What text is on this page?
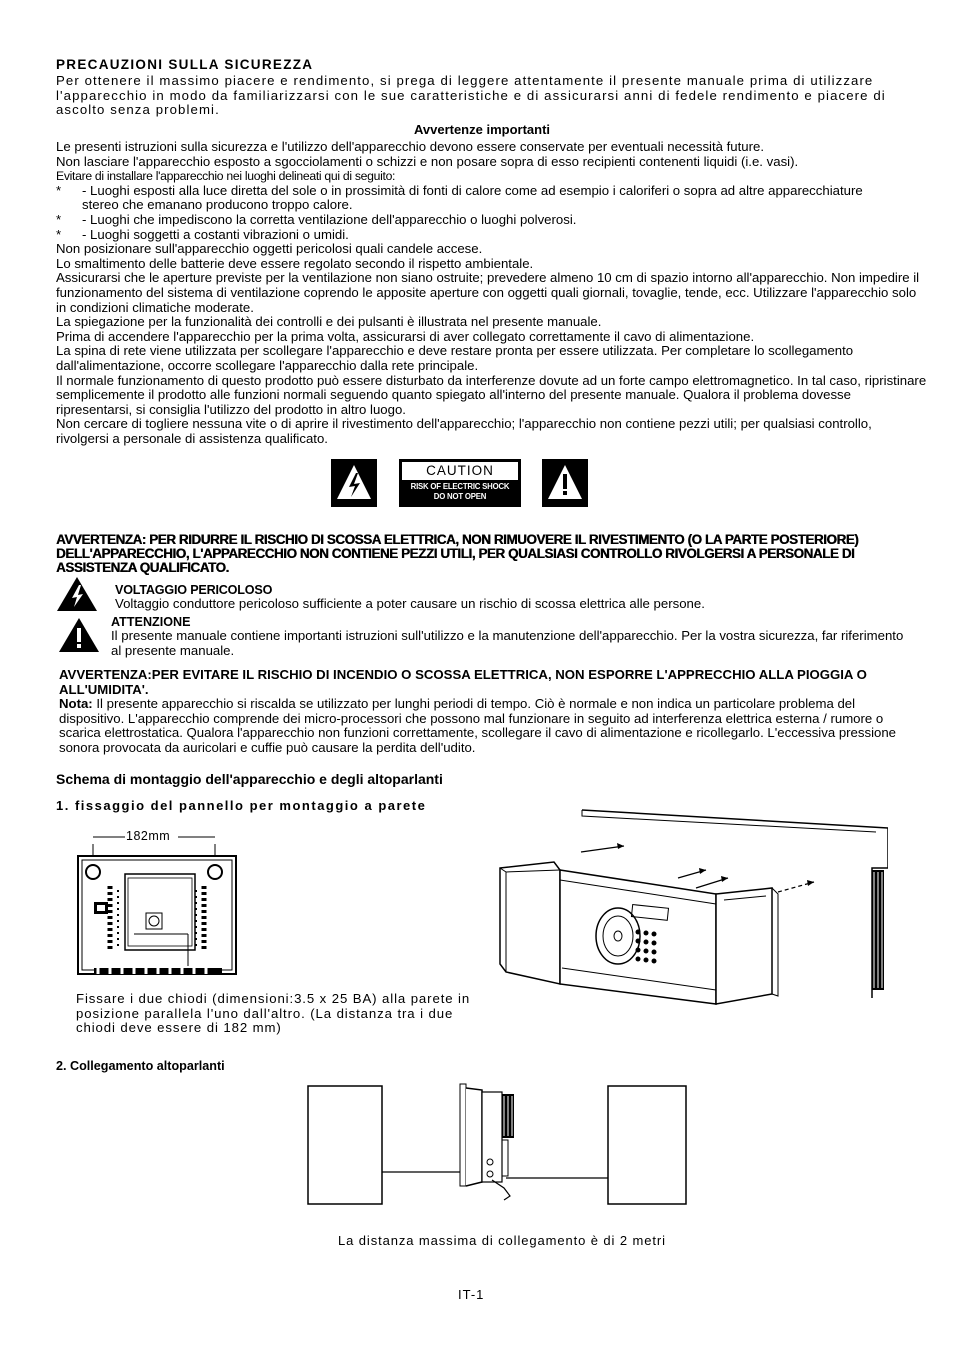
PRECAUZIONI SULLA SICUREZZA

Per ottenere il massimo piacere e rendimento, si prega di leggere attentamente il presente manuale prima di utilizzare l'apparecchio in modo da familiarizzarsi con le sue caratteristiche e di assicurarsi anni di fedele rendimento e piacere di ascolto senza problemi.

Avvertenze importanti

Le presenti istruzioni sulla sicurezza e l'utilizzo dell'apparecchio devono essere conservate per eventuali necessità future.

Non lasciare l'apparecchio esposto a sgocciolamenti o schizzi e non posare sopra di esso recipienti contenenti liquidi (i.e. vasi).

Evitare di installare l'apparecchio nei luoghi delineati qui di seguito:

*	- Luoghi esposti alla luce diretta del sole o in prossimità di fonti di calore come ad esempio i caloriferi o sopra ad altre apparecchiature stereo che emanano producono troppo calore.
*	- Luoghi che impediscono la corretta ventilazione dell'apparecchio o luoghi polverosi.
*	- Luoghi soggetti a costanti vibrazioni o umidi.

Non posizionare sull'apparecchio oggetti pericolosi quali candele accese.

Lo smaltimento delle batterie deve essere regolato secondo il rispetto ambientale.

Assicurarsi che le aperture previste per la ventilazione non siano ostruite; prevedere almeno 10 cm di spazio intorno all'apparecchio. Non impedire il funzionamento del sistema di ventilazione coprendo le apposite aperture con oggetti quali giornali, tovaglie, tende, ecc. Utilizzare l'apparecchio solo in condizioni climatiche moderate.

La spiegazione per la funzionalità dei controlli e dei pulsanti è illustrata nel presente manuale.

Prima di accendere l'apparecchio per la prima volta, assicurarsi di aver collegato correttamente il cavo di alimentazione.

La spina di rete viene utilizzata per scollegare l'apparecchio e deve restare pronta per essere utilizzata. Per completare lo scollegamento dall'alimentazione, occorre scollegare l'apparecchio dalla rete principale.

Il normale funzionamento di questo prodotto può essere disturbato da interferenze dovute ad un forte campo elettromagnetico. In tal caso, ripristinare semplicemente il prodotto alle funzioni normali seguendo quanto spiegato all'interno del presente manuale. Qualora il problema dovesse ripresentarsi, si consiglia l'utilizzo del prodotto in altro luogo.

Non cercare di togliere nessuna vite o di aprire il rivestimento dell'apparecchio; l'apparecchio non contiene pezzi utili; per qualsiasi controllo, rivolgersi a personale di assistenza qualificato.

CAUTION
RISK OF ELECTRIC SHOCK
DO NOT OPEN

AVVERTENZA: PER RIDURRE IL RISCHIO DI SCOSSA ELETTRICA, NON RIMUOVERE IL RIVESTIMENTO (O LA PARTE POSTERIORE) DELL'APPARECCHIO, L'APPARECCHIO NON CONTIENE PEZZI UTILI, PER QUALSIASI CONTROLLO RIVOLGERSI A PERSONALE DI ASSISTENZA QUALIFICATO.

VOLTAGGIO PERICOLOSO
Voltaggio conduttore pericoloso sufficiente a poter causare un rischio di scossa elettrica alle persone.
ATTENZIONE
Il presente manuale contiene importanti istruzioni sull'utilizzo e la manutenzione dell'apparecchio. Per la vostra sicurezza, far riferimento al presente manuale.

AVVERTENZA:PER EVITARE IL RISCHIO DI INCENDIO O SCOSSA ELETTRICA, NON ESPORRE L'APPRECCHIO ALLA PIOGGIA O ALL'UMIDITA'.

Nota: Il presente apparecchio si riscalda se utilizzato per lunghi periodi di tempo. Ciò è normale e non indica un particolare problema del dispositivo. L'apparecchio comprende dei micro-processori che possono mal funzionare in seguito ad interferenza elettrica esterna / rumore o scarica elettrostatica. Qualora l'apparecchio non funzioni correttamente, scollegare il cavo di alimentazione e ricollegarlo. L'eccessiva pressione sonora provocata da auricolari e cuffie può causare la perdita dell'udito.

Schema di montaggio dell'apparecchio e degli altoparlanti
1. fissaggio del pannello per montaggio a parete
182mm

Fissare i due chiodi (dimensioni:3.5 x 25 BA) alla parete in posizione parallela l'uno dall'altro. (La distanza tra i due chiodi deve essere di 182 mm)

2. Collegamento altoparlanti
La distanza massima di collegamento è di 2 metri
IT-1
